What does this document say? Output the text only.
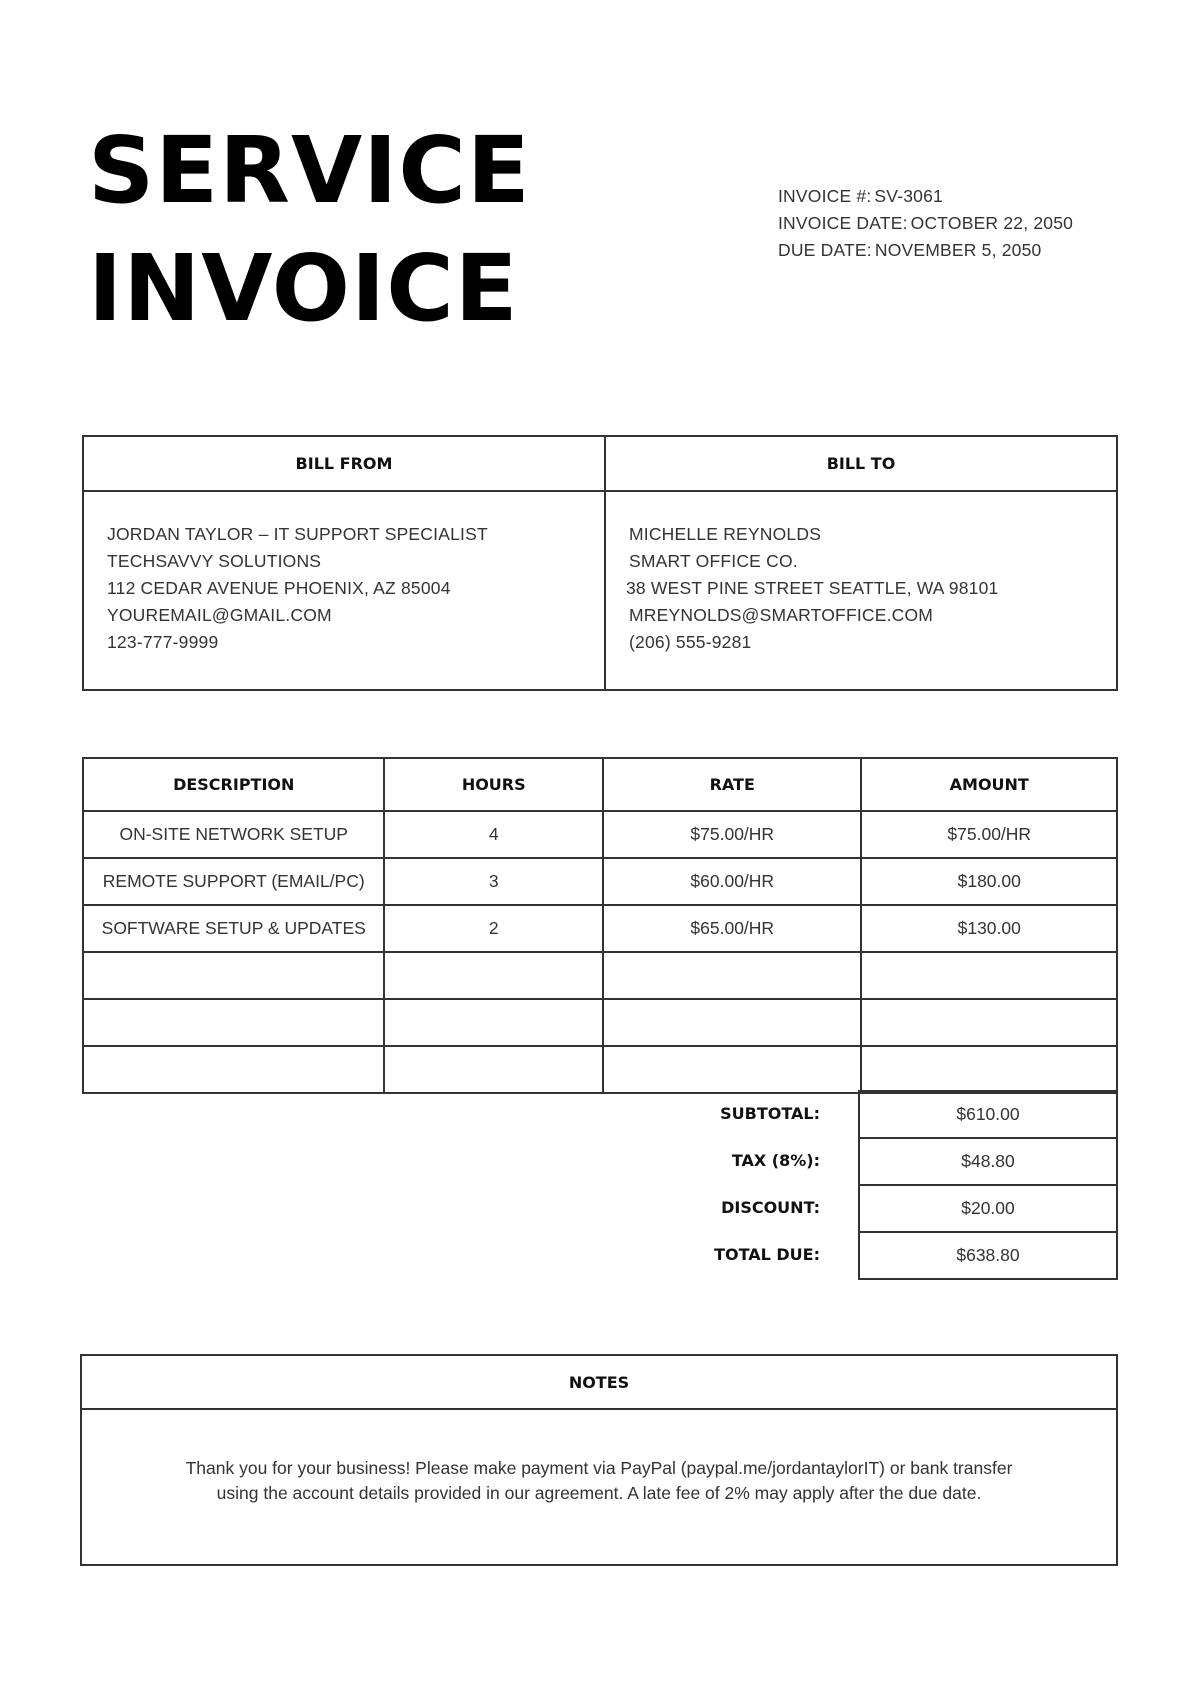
SERVICE
INVOICE
INVOICE #: SV-3061
INVOICE DATE: OCTOBER 22, 2050
DUE DATE: NOVEMBER 5, 2050
BILL FROM	BILL TO
JORDAN TAYLOR – IT SUPPORT SPECIALIST
TECHSAVVY SOLUTIONS
112 CEDAR AVENUE PHOENIX, AZ 85004
YOUREMAIL@GMAIL.COM
123-777-9999
MICHELLE REYNOLDS
SMART OFFICE CO.
38 WEST PINE STREET SEATTLE, WA 98101
MREYNOLDS@SMARTOFFICE.COM
(206) 555-9281
DESCRIPTION	HOURS	RATE	AMOUNT
ON-SITE NETWORK SETUP	4	$75.00/HR	$75.00/HR
REMOTE SUPPORT (EMAIL/PC)	3	$60.00/HR	$180.00
SOFTWARE SETUP & UPDATES	2	$65.00/HR	$130.00

SUBTOTAL:	$610.00
TAX (8%):	$48.80
DISCOUNT:	$20.00
TOTAL DUE:	$638.80
NOTES
Thank you for your business! Please make payment via PayPal (paypal.me/jordantaylorIT) or bank transfer using the account details provided in our agreement. A late fee of 2% may apply after the due date.
